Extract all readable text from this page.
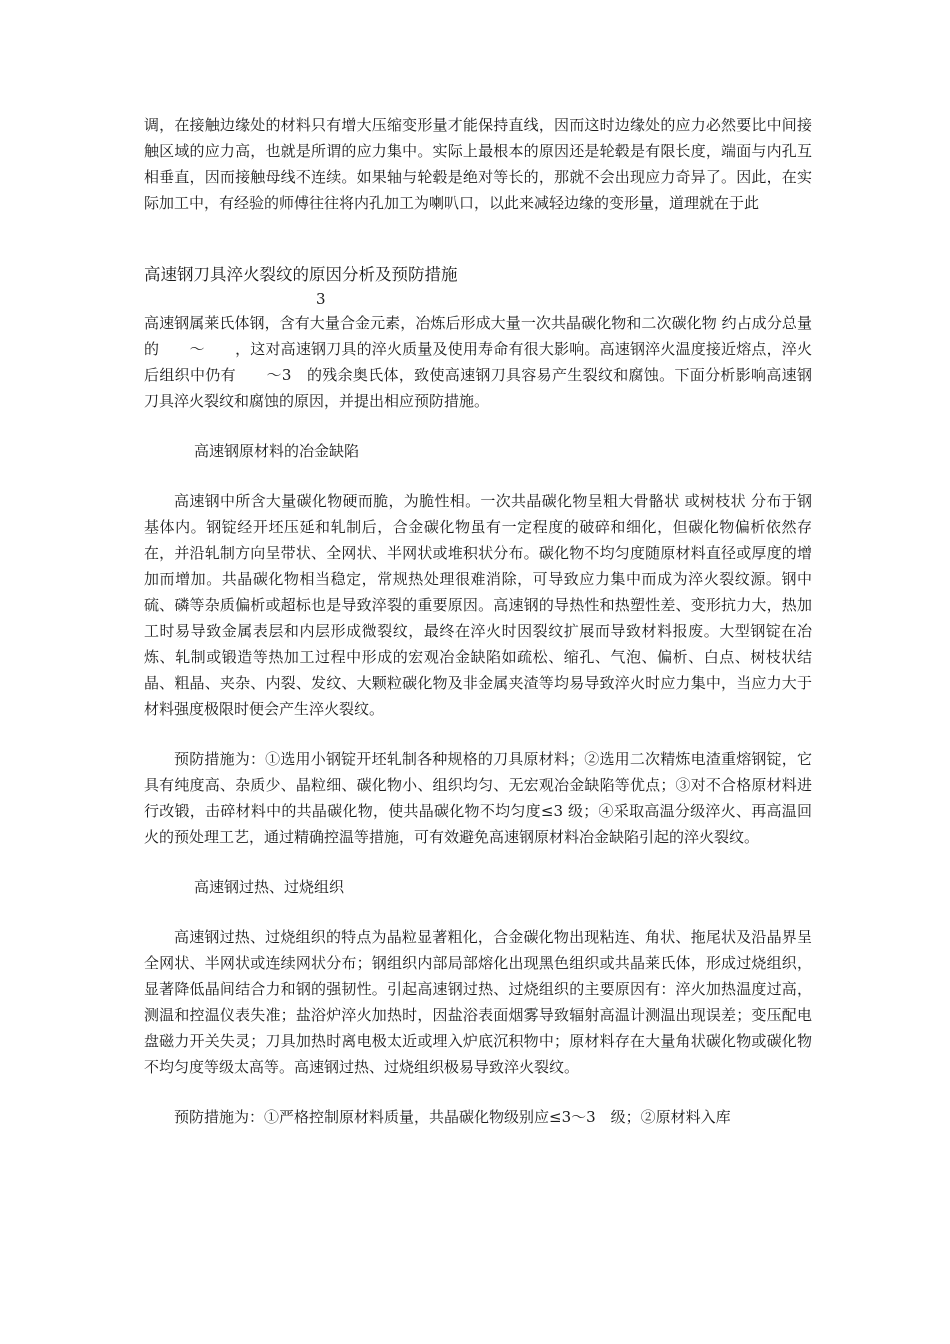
调，在接触边缘处的材料只有增大压缩变形量才能保持直线，因而这时边缘处的应力必然要比中间接触区域的应力高，也就是所谓的应力集中。实际上最根本的原因还是轮毂是有限长度，端面与内孔互相垂直，因而接触母线不连续。如果轴与轮毂是绝对等长的，那就不会出现应力奇异了。因此，在实际加工中，有经验的师傅往往将内孔加工为喇叭口，以此来减轻边缘的变形量，道理就在于此

高速钢刀具淬火裂纹的原因分析及预防措施

3

高速钢属莱氏体钢，含有大量合金元素，冶炼后形成大量一次共晶碳化物和二次碳化物 约占成分总量的　　～　　，这对高速钢刀具的淬火质量及使用寿命有很大影响。高速钢淬火温度接近熔点，淬火后组织中仍有　　～3　的残余奥氏体，致使高速钢刀具容易产生裂纹和腐蚀。下面分析影响高速钢刀具淬火裂纹和腐蚀的原因，并提出相应预防措施。

高速钢原材料的冶金缺陷

高速钢中所含大量碳化物硬而脆，为脆性相。一次共晶碳化物呈粗大骨骼状 或树枝状 分布于钢基体内。钢锭经开坯压延和轧制后，合金碳化物虽有一定程度的破碎和细化，但碳化物偏析依然存在，并沿轧制方向呈带状、全网状、半网状或堆积状分布。碳化物不均匀度随原材料直径或厚度的增加而增加。共晶碳化物相当稳定，常规热处理很难消除，可导致应力集中而成为淬火裂纹源。钢中硫、磷等杂质偏析或超标也是导致淬裂的重要原因。高速钢的导热性和热塑性差、变形抗力大，热加工时易导致金属表层和内层形成微裂纹，最终在淬火时因裂纹扩展而导致材料报废。大型钢锭在冶炼、轧制或锻造等热加工过程中形成的宏观冶金缺陷如疏松、缩孔、气泡、偏析、白点、树枝状结晶、粗晶、夹杂、内裂、发纹、大颗粒碳化物及非金属夹渣等均易导致淬火时应力集中，当应力大于材料强度极限时便会产生淬火裂纹。

预防措施为：①选用小钢锭开坯轧制各种规格的刀具原材料；②选用二次精炼电渣重熔钢锭，它具有纯度高、杂质少、晶粒细、碳化物小、组织均匀、无宏观冶金缺陷等优点；③对不合格原材料进行改锻，击碎材料中的共晶碳化物，使共晶碳化物不均匀度≤3 级；④采取高温分级淬火、再高温回火的预处理工艺，通过精确控温等措施，可有效避免高速钢原材料冶金缺陷引起的淬火裂纹。

高速钢过热、过烧组织

高速钢过热、过烧组织的特点为晶粒显著粗化，合金碳化物出现粘连、角状、拖尾状及沿晶界呈全网状、半网状或连续网状分布；钢组织内部局部熔化出现黑色组织或共晶莱氏体，形成过烧组织，显著降低晶间结合力和钢的强韧性。引起高速钢过热、过烧组织的主要原因有：淬火加热温度过高，测温和控温仪表失准；盐浴炉淬火加热时，因盐浴表面烟雾导致辐射高温计测温出现误差；变压配电盘磁力开关失灵；刀具加热时离电极太近或埋入炉底沉积物中；原材料存在大量角状碳化物或碳化物不均匀度等级太高等。高速钢过热、过烧组织极易导致淬火裂纹。

预防措施为：①严格控制原材料质量，共晶碳化物级别应≤3～3　级；②原材料入库
